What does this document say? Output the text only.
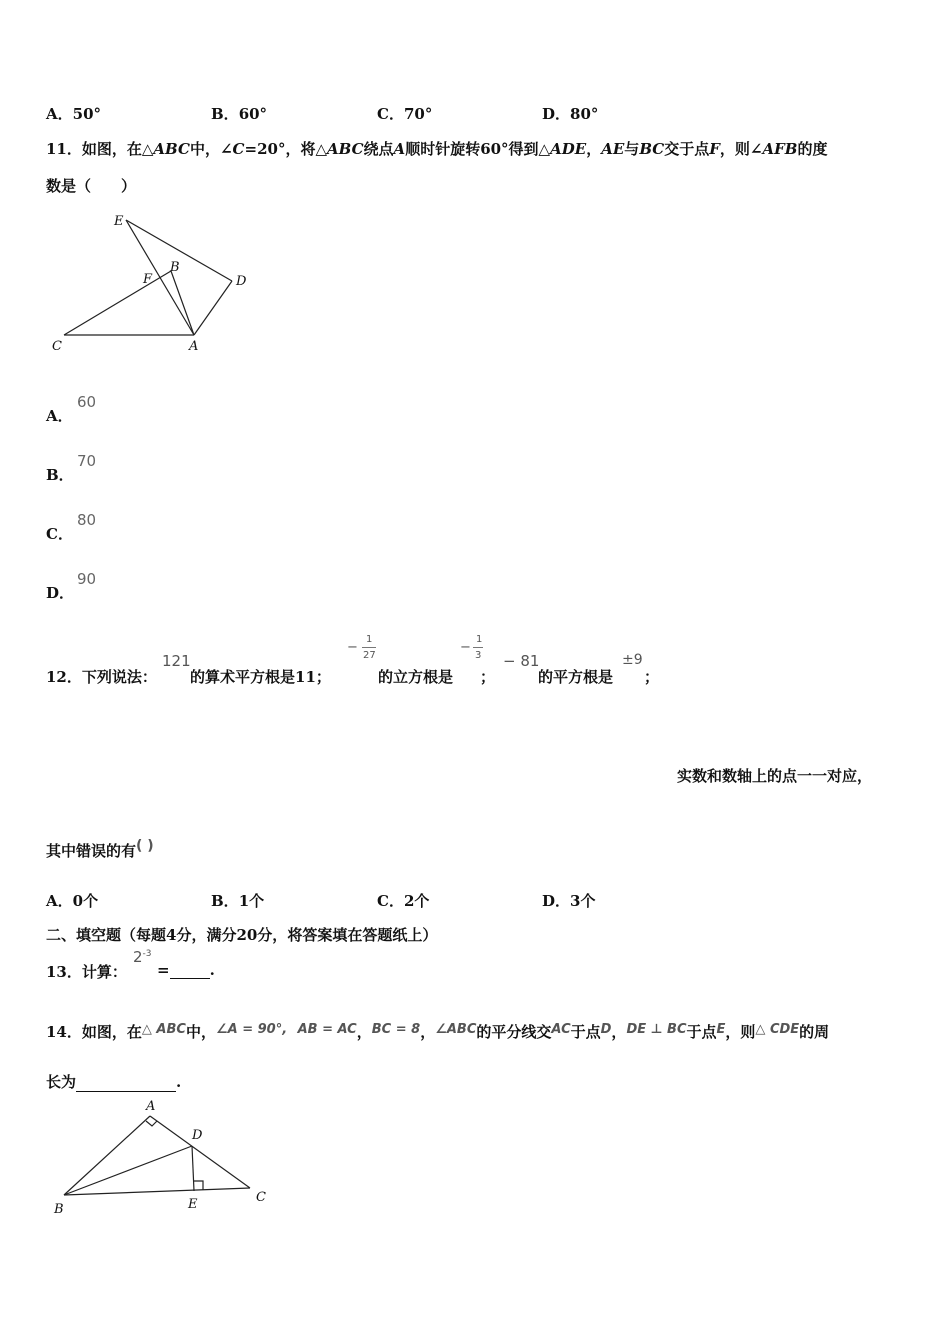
A．50°	B．60°	C．70°	D．80°
11．如图，在△ABC中，∠C=20°，将△ABC绕点A顺时针旋转60°得到△ADE，AE与BC交于点F，则∠AFB的度
数是（　　）
E
F
B
D
C	A
A．
60
B．
70
C．
80
D．
90
12．下列说法：
121
的算术平方根是11；
−
1
27
的立方根是
−
1
3
；
− 81
的平方根是
±9
；
实数和数轴上的点一一对应，
其中错误的有( )
A．0个	B．1个	C．2个	D．3个
二、填空题（每题4分，满分20分，将答案填在答题纸上）
13．计算：
$2^{-3}$
=	.
14．如图，在△ ABC中，∠A = 90°, AB = AC，BC = 8，∠ABC的平分线交AC于点D，DE ⊥ BC于点E，则△ CDE的周
长为	.
A
D
B	E	C
